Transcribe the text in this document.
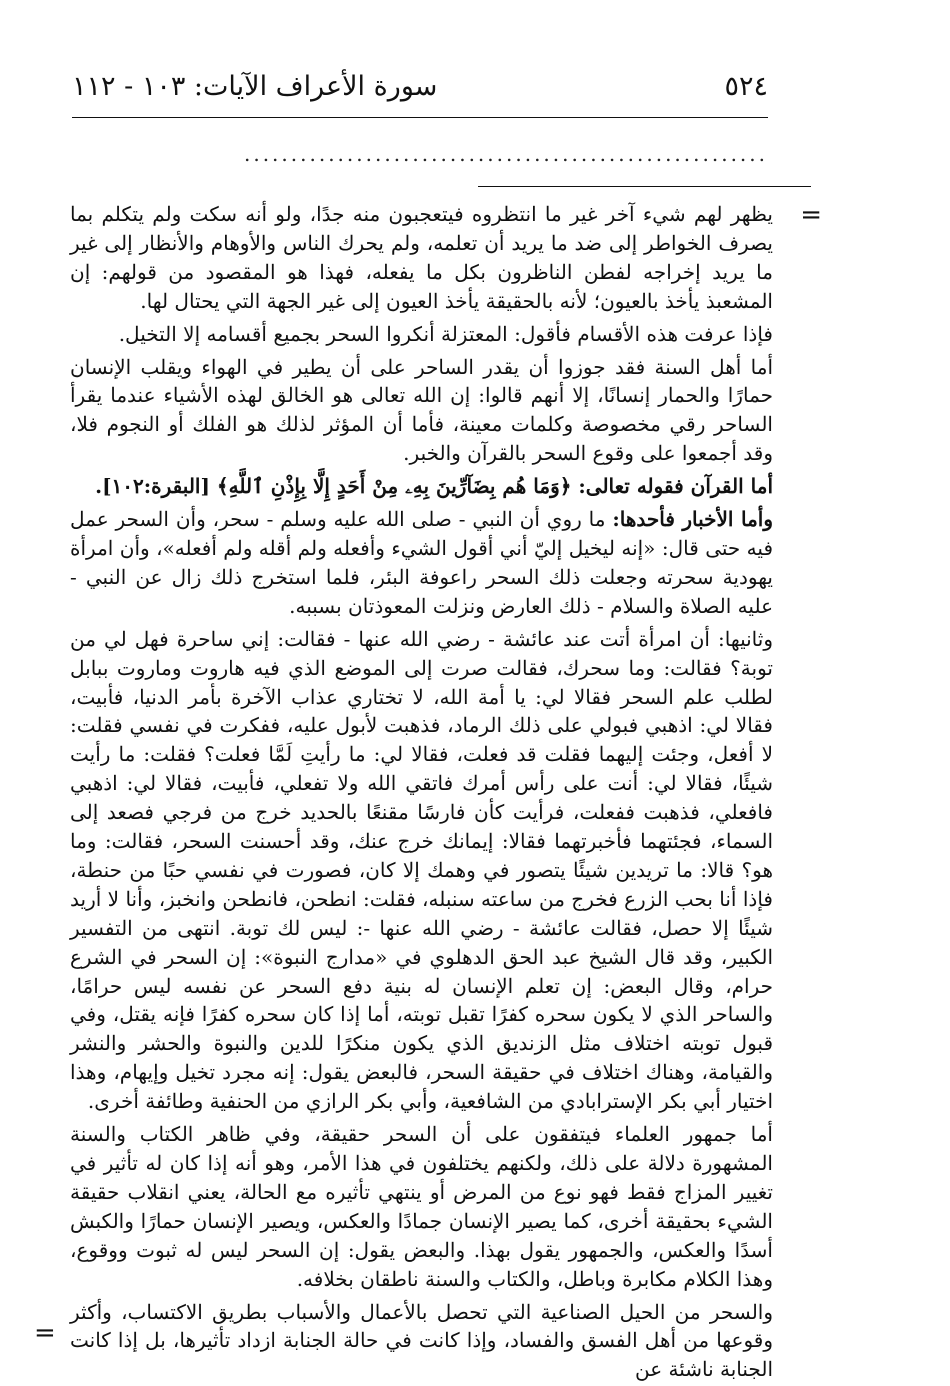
٥٢٤
سورة الأعراف الآيات: ١٠٣ - ١١٢
........................................................
=
=

يظهر لهم شيء آخر غير ما انتظروه فيتعجبون منه جدًا، ولو أنه سكت ولم يتكلم بما يصرف الخواطر إلى ضد ما يريد أن تعلمه، ولم يحرك الناس والأوهام والأنظار إلى غير ما يريد إخراجه لفطن الناظرون بكل ما يفعله، فهذا هو المقصود من قولهم: إن المشعبذ يأخذ بالعيون؛ لأنه بالحقيقة يأخذ العيون إلى غير الجهة التي يحتال لها.

فإذا عرفت هذه الأقسام فأقول: المعتزلة أنكروا السحر بجميع أقسامه إلا التخيل.

أما أهل السنة فقد جوزوا أن يقدر الساحر على أن يطير في الهواء ويقلب الإنسان حمارًا والحمار إنسانًا، إلا أنهم قالوا: إن الله تعالى هو الخالق لهذه الأشياء عندما يقرأ الساحر رقي مخصوصة وكلمات معينة، فأما أن المؤثر لذلك هو الفلك أو النجوم فلا، وقد أجمعوا على وقوع السحر بالقرآن والخبر.

أما القرآن فقوله تعالى: ﴿وَمَا هُم بِضَآرِّينَ بِهِۦ مِنْ أَحَدٍ إِلَّا بِإِذْنِ ٱللَّهِ﴾ [البقرة:١٠٢].

وأما الأخبار فأحدها: ما روي أن النبي - صلى الله عليه وسلم - سحر، وأن السحر عمل فيه حتى قال: «إنه ليخيل إليّ أني أقول الشيء وأفعله ولم أقله ولم أفعله»، وأن امرأة يهودية سحرته وجعلت ذلك السحر راعوفة البئر، فلما استخرج ذلك زال عن النبي - عليه الصلاة والسلام - ذلك العارض ونزلت المعوذتان بسببه.

وثانيها: أن امرأة أتت عند عائشة - رضي الله عنها - فقالت: إني ساحرة فهل لي من توبة؟ فقالت: وما سحرك، فقالت صرت إلى الموضع الذي فيه هاروت وماروت ببابل لطلب علم السحر فقالا لي: يا أمة الله، لا تختاري عذاب الآخرة بأمر الدنيا، فأبيت، فقالا لي: اذهبي فبولي على ذلك الرماد، فذهبت لأبول عليه، ففكرت في نفسي فقلت: لا أفعل، وجئت إليهما فقلت قد فعلت، فقالا لي: ما رأيتِ لَمَّا فعلت؟ فقلت: ما رأيت شيئًا، فقالا لي: أنت على رأس أمرك فاتقي الله ولا تفعلي، فأبيت، فقالا لي: اذهبي فافعلي، فذهبت ففعلت، فرأيت كأن فارسًا مقنعًا بالحديد خرج من فرجي فصعد إلى السماء، فجئتهما فأخبرتهما فقالا: إيمانك خرج عنك، وقد أحسنت السحر، فقالت: وما هو؟ قالا: ما تريدين شيئًا يتصور في وهمك إلا كان، فصورت في نفسي حبًا من حنطة، فإذا أنا بحب الزرع فخرج من ساعته سنبله، فقلت: انطحن، فانطحن وانخبز، وأنا لا أريد شيئًا إلا حصل، فقالت عائشة - رضي الله عنها -: ليس لك توبة. انتهى من التفسير الكبير، وقد قال الشيخ عبد الحق الدهلوي في «مدارج النبوة»: إن السحر في الشرع حرام، وقال البعض: إن تعلم الإنسان له بنية دفع السحر عن نفسه ليس حرامًا، والساحر الذي لا يكون سحره كفرًا تقبل توبته، أما إذا كان سحره كفرًا فإنه يقتل، وفي قبول توبته اختلاف مثل الزنديق الذي يكون منكرًا للدين والنبوة والحشر والنشر والقيامة، وهناك اختلاف في حقيقة السحر، فالبعض يقول: إنه مجرد تخيل وإيهام، وهذا اختيار أبي بكر الإسترابادي من الشافعية، وأبي بكر الرازي من الحنفية وطائفة أخرى.

أما جمهور العلماء فيتفقون على أن السحر حقيقة، وفي ظاهر الكتاب والسنة المشهورة دلالة على ذلك، ولكنهم يختلفون في هذا الأمر، وهو أنه إذا كان له تأثير في تغيير المزاج فقط فهو نوع من المرض أو ينتهي تأثيره مع الحالة، يعني انقلاب حقيقة الشيء بحقيقة أخرى، كما يصير الإنسان جمادًا والعكس، ويصير الإنسان حمارًا والكبش أسدًا والعكس، والجمهور يقول بهذا. والبعض يقول: إن السحر ليس له ثبوت ووقوع، وهذا الكلام مكابرة وباطل، والكتاب والسنة ناطقان بخلافه.

والسحر من الحيل الصناعية التي تحصل بالأعمال والأسباب بطريق الاكتساب، وأكثر وقوعها من أهل الفسق والفساد، وإذا كانت في حالة الجنابة ازداد تأثيرها، بل إذا كانت الجنابة ناشئة عن
